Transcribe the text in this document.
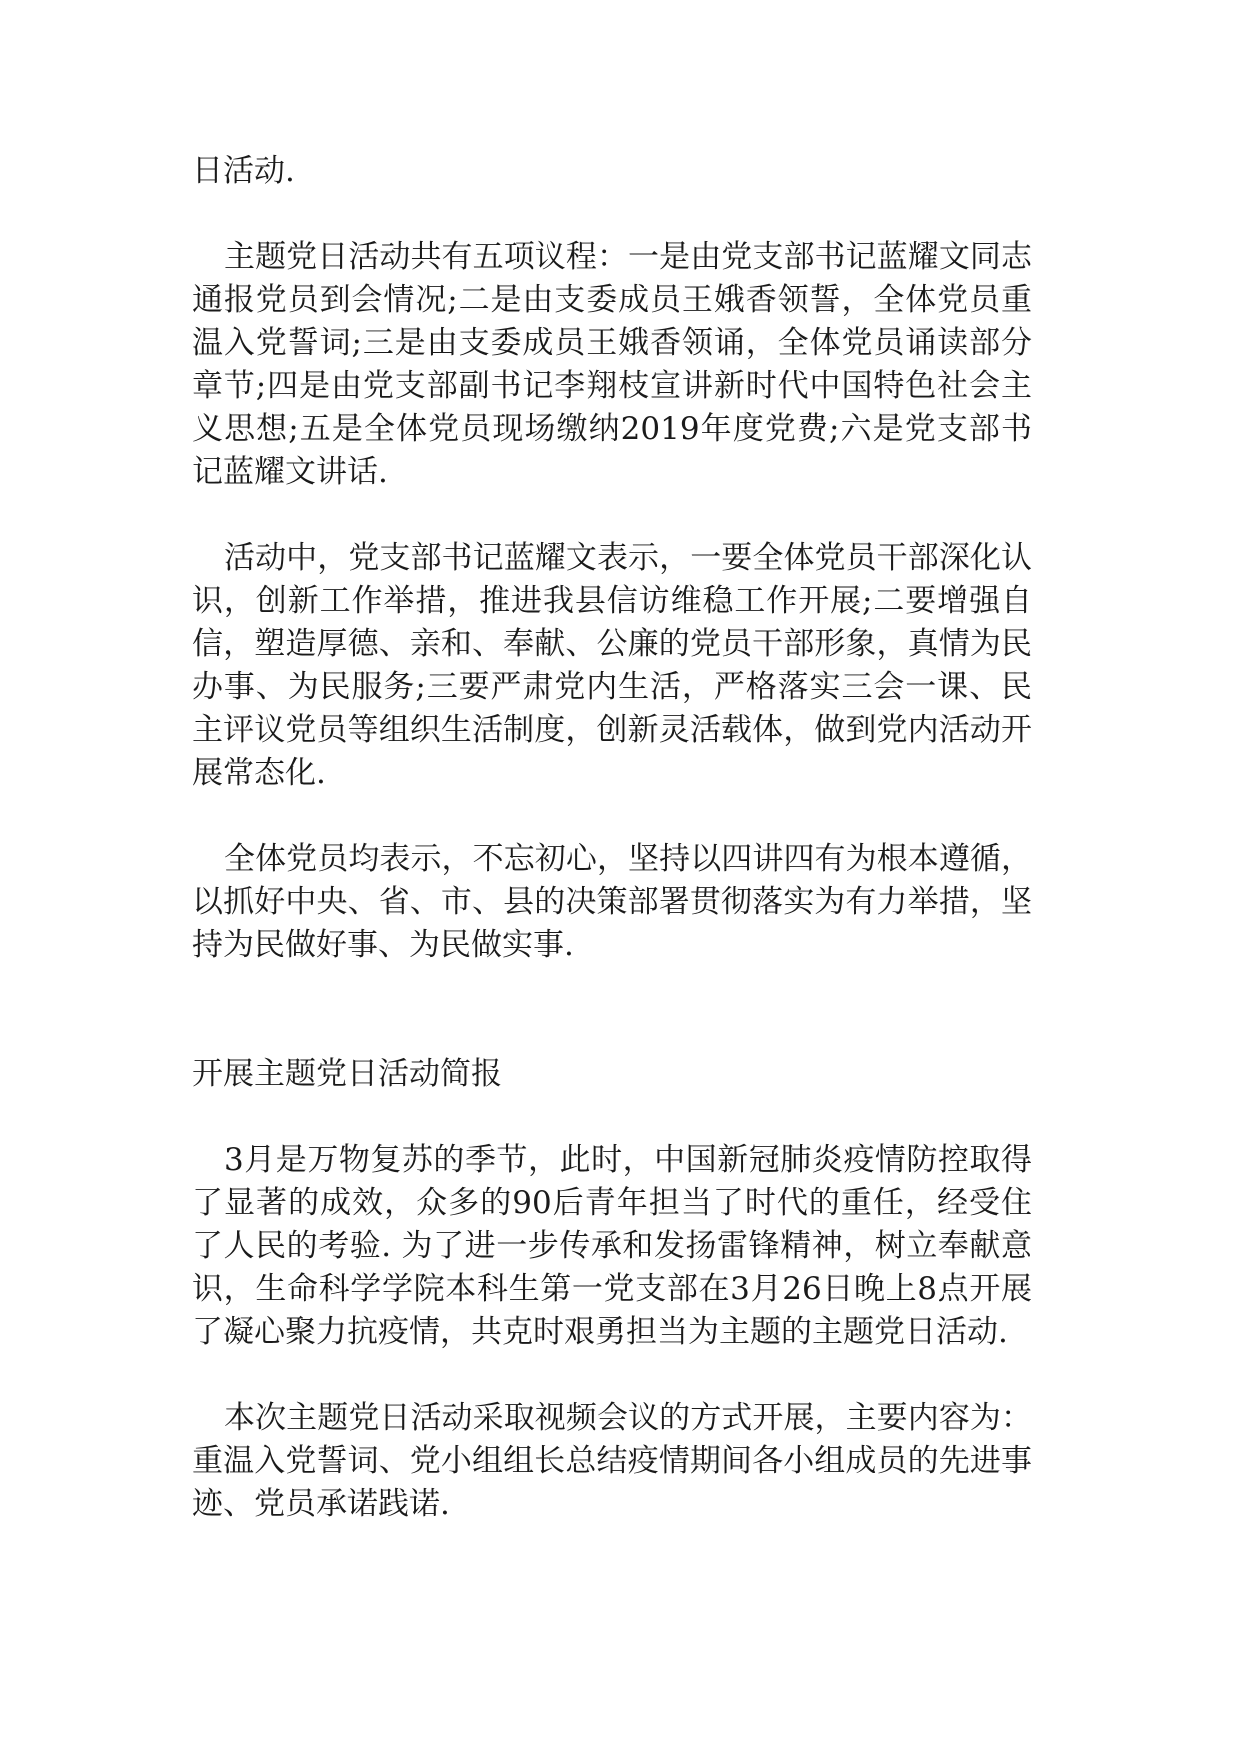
日活动.

主题党日活动共有五项议程：一是由党支部书记蓝耀文同志通报党员到会情况;二是由支委成员王娥香领誓，全体党员重温入党誓词;三是由支委成员王娥香领诵，全体党员诵读部分章节;四是由党支部副书记李翔枝宣讲新时代中国特色社会主义思想;五是全体党员现场缴纳2019年度党费;六是党支部书记蓝耀文讲话.

活动中，党支部书记蓝耀文表示，一要全体党员干部深化认识，创新工作举措，推进我县信访维稳工作开展;二要增强自信，塑造厚德、亲和、奉献、公廉的党员干部形象，真情为民办事、为民服务;三要严肃党内生活，严格落实三会一课、民主评议党员等组织生活制度，创新灵活载体，做到党内活动开展常态化.

全体党员均表示，不忘初心，坚持以四讲四有为根本遵循，以抓好中央、省、市、县的决策部署贯彻落实为有力举措，坚持为民做好事、为民做实事.

开展主题党日活动简报

3月是万物复苏的季节，此时，中国新冠肺炎疫情防控取得了显著的成效，众多的90后青年担当了时代的重任，经受住了人民的考验. 为了进一步传承和发扬雷锋精神，树立奉献意识，生命科学学院本科生第一党支部在3月26日晚上8点开展了凝心聚力抗疫情，共克时艰勇担当为主题的主题党日活动.

本次主题党日活动采取视频会议的方式开展，主要内容为：重温入党誓词、党小组组长总结疫情期间各小组成员的先进事迹、党员承诺践诺.
